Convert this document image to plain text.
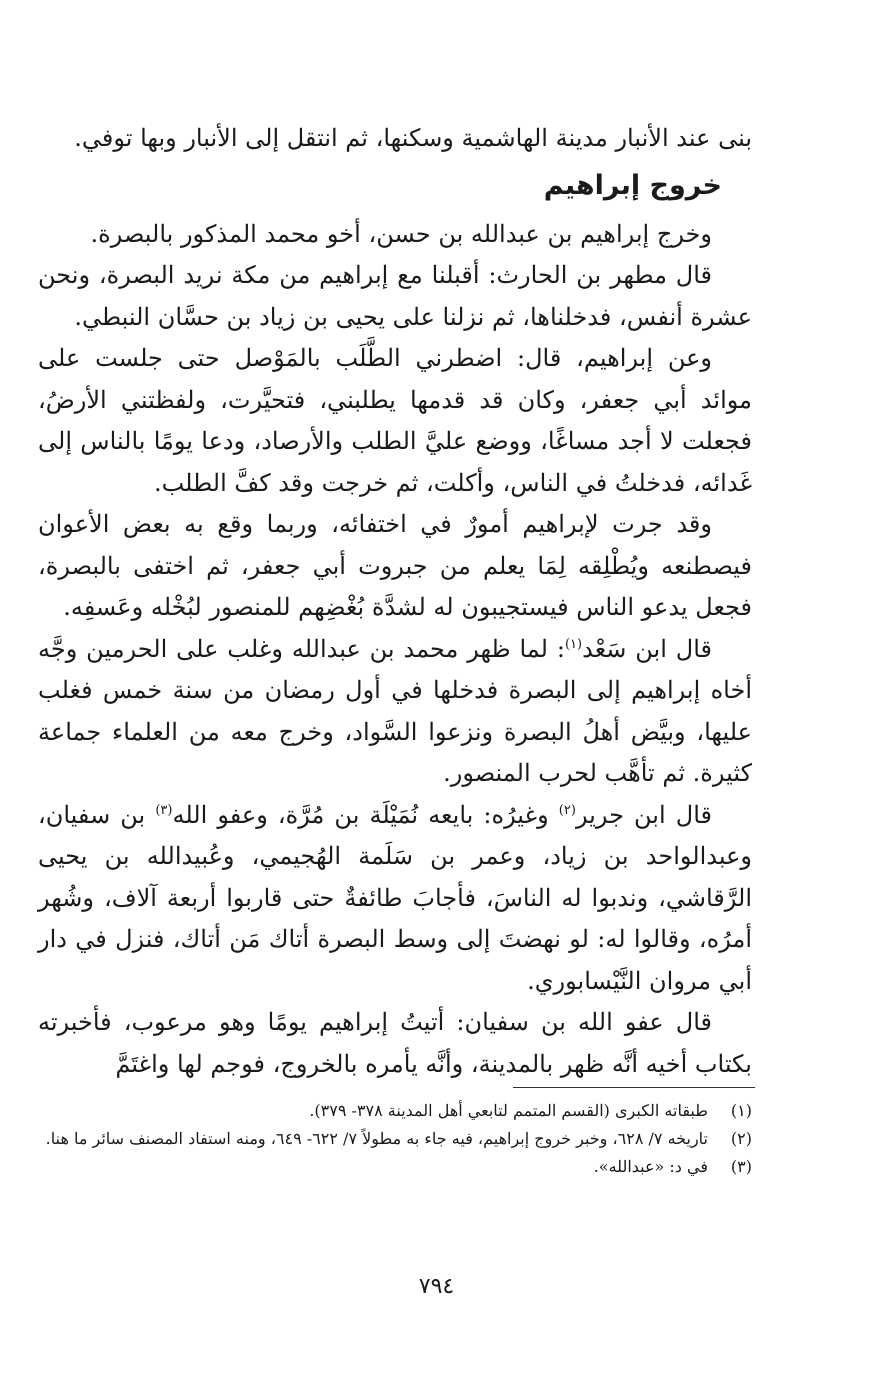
بنى عند الأنبار مدينة الهاشمية وسكنها، ثم انتقل إلى الأنبار وبها توفي.

خروج إبراهيم

وخرج إبراهيم بن عبدالله بن حسن، أخو محمد المذكور بالبصرة.

قال مطهر بن الحارث: أقبلنا مع إبراهيم من مكة نريد البصرة، ونحن عشرة أنفس، فدخلناها، ثم نزلنا على يحيى بن زياد بن حسَّان النبطي.

وعن إبراهيم، قال: اضطرني الطَّلَب بالمَوْصل حتى جلست على موائد أبي جعفر، وكان قد قدمها يطلبني، فتحيَّرت، ولفظتني الأرضُ، فجعلت لا أجد مساغًا، ووضع عليَّ الطلب والأرصاد، ودعا يومًا بالناس إلى غَدائه، فدخلتُ في الناس، وأكلت، ثم خرجت وقد كفَّ الطلب.

وقد جرت لإبراهيم أمورٌ في اختفائه، وربما وقع به بعض الأعوان فيصطنعه ويُطْلِقه لِمَا يعلم من جبروت أبي جعفر، ثم اختفى بالبصرة، فجعل يدعو الناس فيستجيبون له لشدَّة بُغْضِهم للمنصور لبُخْله وعَسفِه.

قال ابن سَعْد$^{(١)}$: لما ظهر محمد بن عبدالله وغلب على الحرمين وجَّه أخاه إبراهيم إلى البصرة فدخلها في أول رمضان من سنة خمس فغلب عليها، وبيَّض أهلُ البصرة ونزعوا السَّواد، وخرج معه من العلماء جماعة كثيرة. ثم تأهَّب لحرب المنصور.

قال ابن جرير$^{(٢)}$ وغيرُه: بايعه نُمَيْلَة بن مُرَّة، وعفو الله$^{(٣)}$ بن سفيان، وعبدالواحد بن زياد، وعمر بن سَلَمة الهُجيمي، وعُبيدالله بن يحيى الرَّقاشي، وندبوا له الناسَ، فأجابَ طائفةٌ حتى قاربوا أربعة آلاف، وشُهر أمرُه، وقالوا له: لو نهضتَ إلى وسط البصرة أتاك مَن أتاك، فنزل في دار أبي مروان النَّيْسابوري.

قال عفو الله بن سفيان: أتيتُ إبراهيم يومًا وهو مرعوب، فأخبرته بكتاب أخيه أنَّه ظهر بالمدينة، وأنَّه يأمره بالخروج، فوجم لها واغتَمَّ

(١)
طبقاته الكبرى (القسم المتمم لتابعي أهل المدينة ٣٧٨- ٣٧٩).
(٢)
تاريخه ٧/ ٦٢٨، وخبر خروج إبراهيم، فيه جاء به مطولاً ٧/ ٦٢٢- ٦٤٩، ومنه استفاد المصنف سائر ما هنا.
(٣)
في د: «عبدالله».
٧٩٤
